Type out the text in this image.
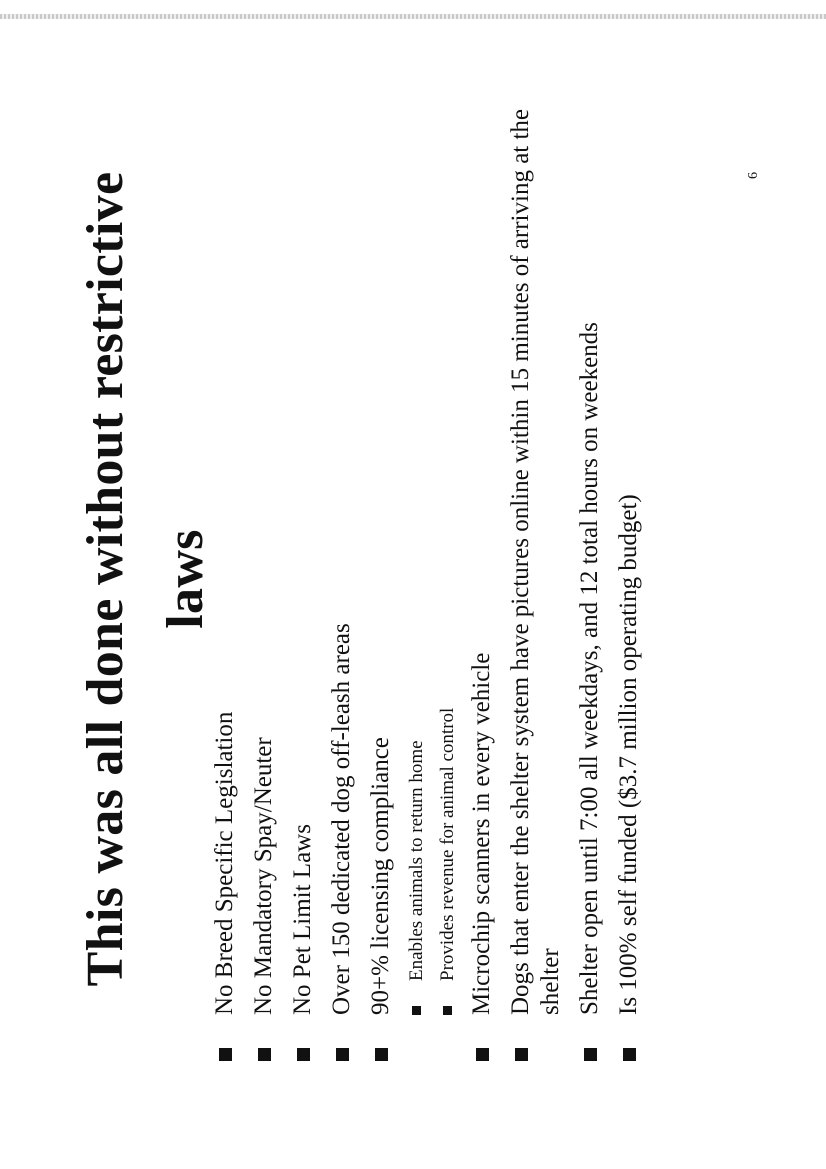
This was all done without restrictive laws
No Breed Specific Legislation No Mandatory Spay/Neuter No Pet Limit Laws Over 150 dedicated dog off-leash areas 90+% licensing compliance Enables animals to return home Provides revenue for animal control Microchip scanners in every vehicle Dogs that enter the shelter system have pictures online within 15 minutes of arriving at the shelter Shelter open until 7:00 all weekdays, and 12 total hours on weekends Is 100% self funded ($3.7 million operating budget)
6
